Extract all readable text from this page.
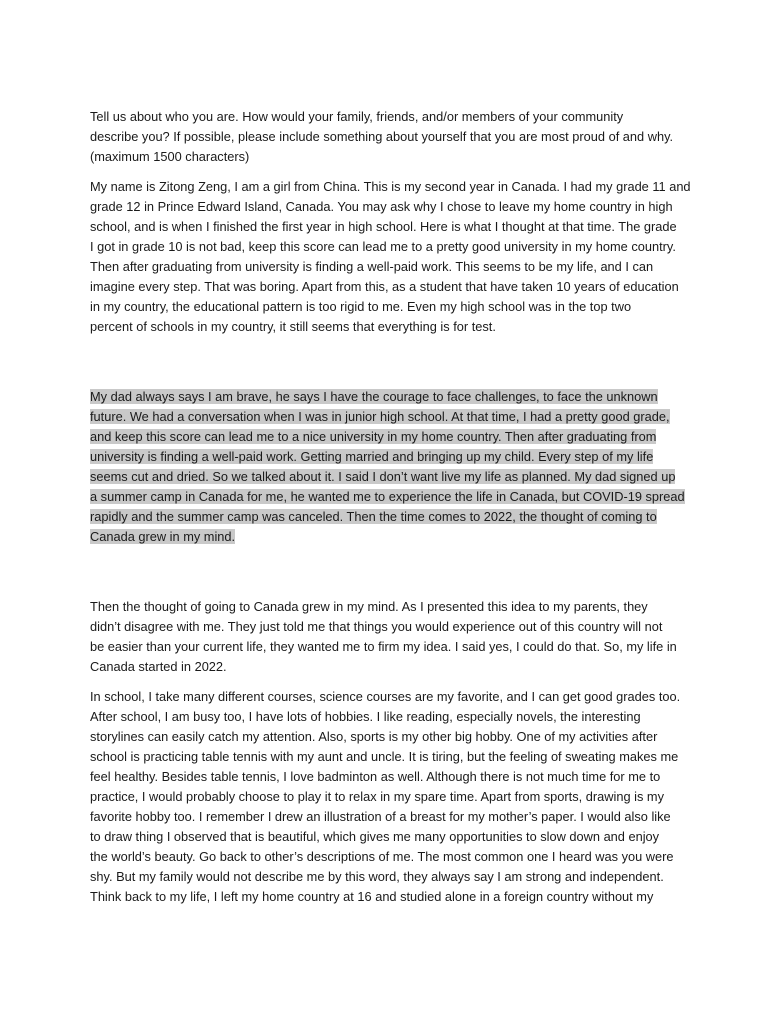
Tell us about who you are. How would your family, friends, and/or members of your community
describe you? If possible, please include something about yourself that you are most proud of and why.
(maximum 1500 characters)
My name is Zitong Zeng, I am a girl from China. This is my second year in Canada. I had my grade 11 and
grade 12 in Prince Edward Island, Canada. You may ask why I chose to leave my home country in high
school, and is when I finished the first year in high school. Here is what I thought at that time. The grade
I got in grade 10 is not bad, keep this score can lead me to a pretty good university in my home country.
Then after graduating from university is finding a well-paid work. This seems to be my life, and I can
imagine every step. That was boring. Apart from this, as a student that have taken 10 years of education
in my country, the educational pattern is too rigid to me. Even my high school was in the top two
percent of schools in my country, it still seems that everything is for test.
My dad always says I am brave, he says I have the courage to face challenges, to face the unknown
future. We had a conversation when I was in junior high school. At that time, I had a pretty good grade,
and keep this score can lead me to a nice university in my home country. Then after graduating from
university is finding a well-paid work. Getting married and bringing up my child. Every step of my life
seems cut and dried. So we talked about it. I said I don’t want live my life as planned. My dad signed up
a summer camp in Canada for me, he wanted me to experience the life in Canada, but COVID-19 spread
rapidly and the summer camp was canceled. Then the time comes to 2022, the thought of coming to
Canada grew in my mind.
Then the thought of going to Canada grew in my mind. As I presented this idea to my parents, they
didn’t disagree with me. They just told me that things you would experience out of this country will not
be easier than your current life, they wanted me to firm my idea. I said yes, I could do that. So, my life in
Canada started in 2022.
In school, I take many different courses, science courses are my favorite, and I can get good grades too.
After school, I am busy too, I have lots of hobbies. I like reading, especially novels, the interesting
storylines can easily catch my attention. Also, sports is my other big hobby. One of my activities after
school is practicing table tennis with my aunt and uncle. It is tiring, but the feeling of sweating makes me
feel healthy. Besides table tennis, I love badminton as well. Although there is not much time for me to
practice, I would probably choose to play it to relax in my spare time. Apart from sports, drawing is my
favorite hobby too. I remember I drew an illustration of a breast for my mother’s paper. I would also like
to draw thing I observed that is beautiful, which gives me many opportunities to slow down and enjoy
the world’s beauty. Go back to other’s descriptions of me. The most common one I heard was you were
shy. But my family would not describe me by this word, they always say I am strong and independent.
Think back to my life, I left my home country at 16 and studied alone in a foreign country without my
